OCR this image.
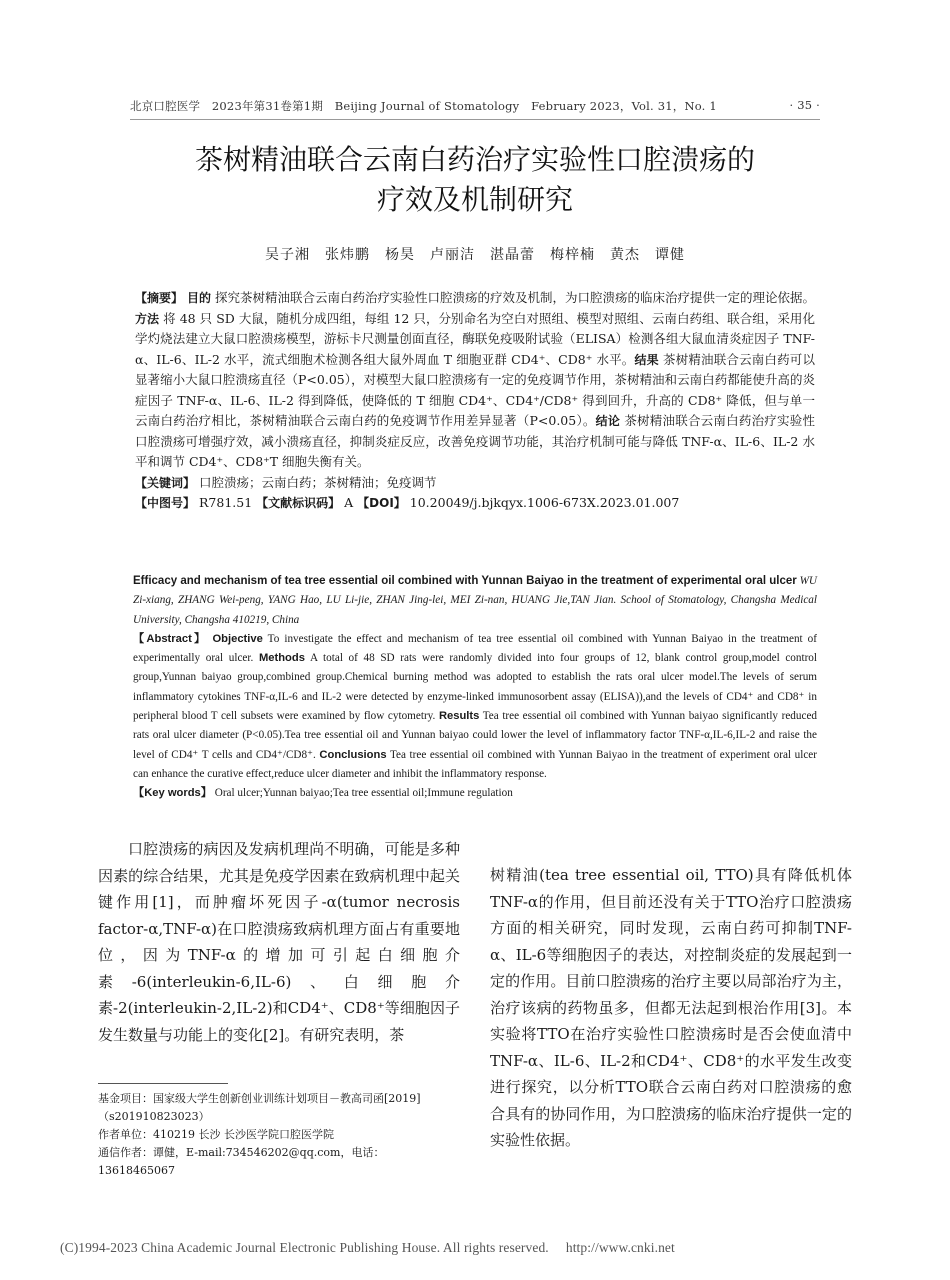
北京口腔医学　2023年第31卷第1期　Beijing Journal of Stomatology　February 2023，Vol. 31，No. 1	· 35 ·
茶树精油联合云南白药治疗实验性口腔溃疡的
疗效及机制研究
吴子湘　张炜鹏　杨昊　卢丽洁　湛晶蕾　梅梓楠　黄杰　谭健

【摘要】 目的 探究茶树精油联合云南白药治疗实验性口腔溃疡的疗效及机制，为口腔溃疡的临床治疗提供一定的理论依据。方法 将 48 只 SD 大鼠，随机分成四组，每组 12 只，分别命名为空白对照组、模型对照组、云南白药组、联合组，采用化学灼烧法建立大鼠口腔溃疡模型，游标卡尺测量创面直径，酶联免疫吸附试验（ELISA）检测各组大鼠血清炎症因子 TNF-α、IL-6、IL-2 水平，流式细胞术检测各组大鼠外周血 T 细胞亚群 CD4⁺、CD8⁺ 水平。结果 茶树精油联合云南白药可以显著缩小大鼠口腔溃疡直径（P<0.05），对模型大鼠口腔溃疡有一定的免疫调节作用，茶树精油和云南白药都能使升高的炎症因子 TNF-α、IL-6、IL-2 得到降低，使降低的 T 细胞 CD4⁺、CD4⁺/CD8⁺ 得到回升，升高的 CD8⁺ 降低，但与单一云南白药治疗相比，茶树精油联合云南白药的免疫调节作用差异显著（P<0.05）。结论 茶树精油联合云南白药治疗实验性口腔溃疡可增强疗效，减小溃疡直径，抑制炎症反应，改善免疫调节功能，其治疗机制可能与降低 TNF-α、IL-6、IL-2 水平和调节 CD4⁺、CD8⁺T 细胞失衡有关。

【关键词】 口腔溃疡；云南白药；茶树精油；免疫调节

【中图号】 R781.51 【文献标识码】 A 【DOI】 10.20049/j.bjkqyx.1006-673X.2023.01.007

Efficacy and mechanism of tea tree essential oil combined with Yunnan Baiyao in the treatment of experimental oral ulcer WU Zi-xiang, ZHANG Wei-peng, YANG Hao, LU Li-jie, ZHAN Jing-lei, MEI Zi-nan, HUANG Jie,TAN Jian. School of Stomatology, Changsha Medical University, Changsha 410219, China

【Abstract】 Objective To investigate the effect and mechanism of tea tree essential oil combined with Yunnan Baiyao in the treatment of experimentally oral ulcer. Methods A total of 48 SD rats were randomly divided into four groups of 12, blank control group,model control group,Yunnan baiyao group,combined group.Chemical burning method was adopted to establish the rats oral ulcer model.The levels of serum inflammatory cytokines TNF-α,IL-6 and IL-2 were detected by enzyme-linked immunosorbent assay (ELISA)),and the levels of CD4⁺ and CD8⁺ in peripheral blood T cell subsets were examined by flow cytometry. Results Tea tree essential oil combined with Yunnan baiyao significantly reduced rats oral ulcer diameter (P<0.05).Tea tree essential oil and Yunnan baiyao could lower the level of inflammatory factor TNF-α,IL-6,IL-2 and raise the level of CD4⁺ T cells and CD4⁺/CD8⁺. Conclusions Tea tree essential oil combined with Yunnan Baiyao in the treatment of experiment oral ulcer can enhance the curative effect,reduce ulcer diameter and inhibit the inflammatory response.

【Key words】 Oral ulcer;Yunnan baiyao;Tea tree essential oil;Immune regulation

口腔溃疡的病因及发病机理尚不明确，可能是多种因素的综合结果，尤其是免疫学因素在致病机理中起关键作用[1]，而肿瘤坏死因子-α(tumor necrosis factor-α,TNF-α)在口腔溃疡致病机理方面占有重要地位，因为TNF-α的增加可引起白细胞介素-6(interleukin-6,IL-6)、白细胞介素-2(interleukin-2,IL-2)和CD4⁺、CD8⁺等细胞因子发生数量与功能上的变化[2]。有研究表明，茶

树精油(tea tree essential oil, TTO)具有降低机体TNF-α的作用，但目前还没有关于TTO治疗口腔溃疡方面的相关研究，同时发现，云南白药可抑制TNF-α、IL-6等细胞因子的表达，对控制炎症的发展起到一定的作用。目前口腔溃疡的治疗主要以局部治疗为主，治疗该病的药物虽多，但都无法起到根治作用[3]。本实验将TTO在治疗实验性口腔溃疡时是否会使血清中TNF-α、IL-6、IL-2和CD4⁺、CD8⁺的水平发生改变进行探究，以分析TTO联合云南白药对口腔溃疡的愈合具有的协同作用，为口腔溃疡的临床治疗提供一定的实验性依据。

基金项目：国家级大学生创新创业训练计划项目－教高司函[2019]（s201910823023）

作者单位：410219 长沙 长沙医学院口腔医学院

通信作者：谭健，E-mail:734546202@qq.com，电话：13618465067

(C)1994-2023 China Academic Journal Electronic Publishing House. All rights reserved.　 http://www.cnki.net
